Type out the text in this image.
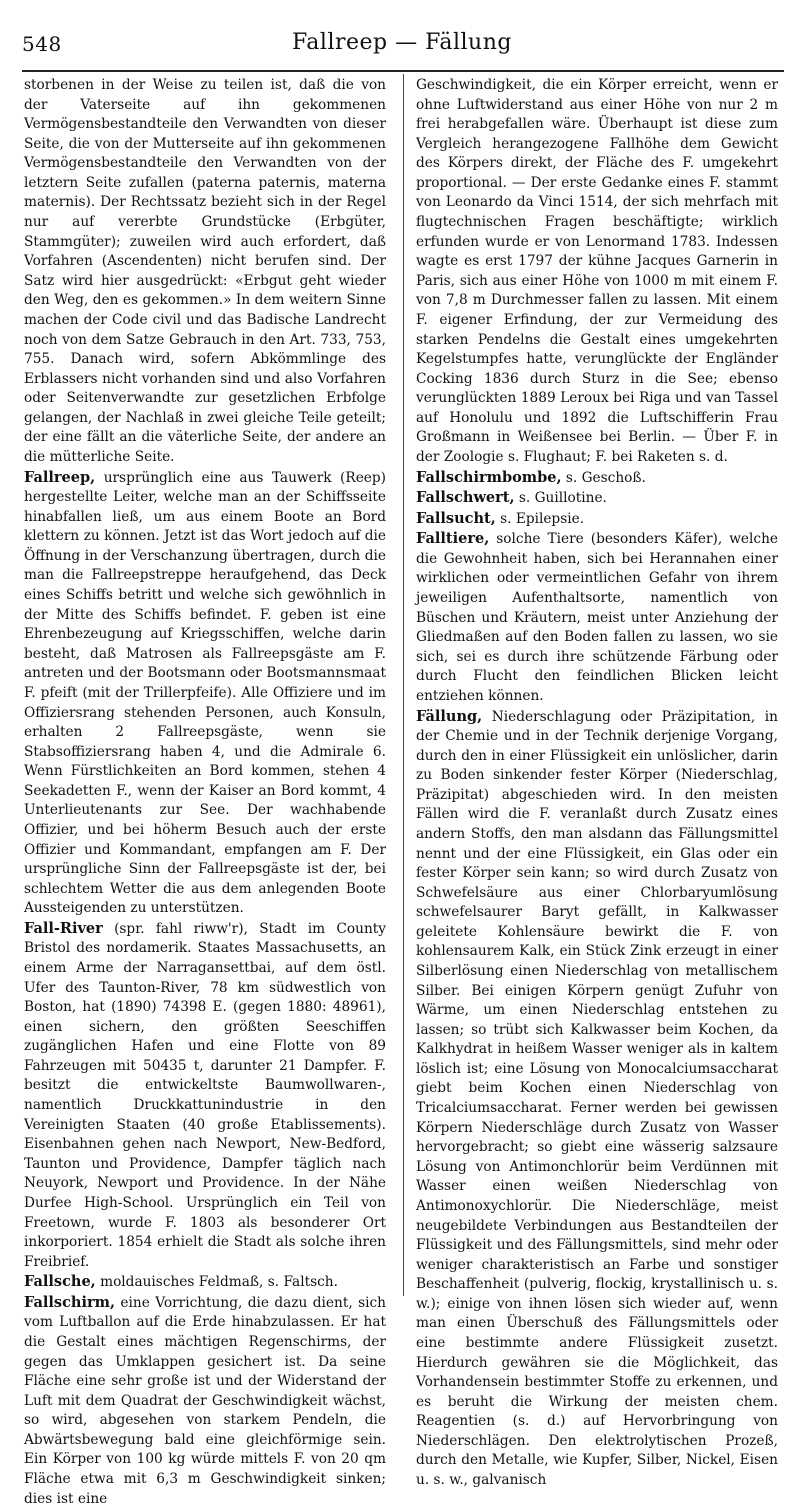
548	Fallreep — Fällung

storbenen in der Weise zu teilen ist, daß die von der Vaterseite auf ihn gekommenen Vermögensbestandteile den Verwandten von dieser Seite, die von der Mutterseite auf ihn gekommenen Vermögensbestandteile den Verwandten von der letztern Seite zufallen (paterna paternis, materna maternis). Der Rechtssatz bezieht sich in der Regel nur auf vererbte Grundstücke (Erbgüter, Stammgüter); zuweilen wird auch erfordert, daß Vorfahren (Ascendenten) nicht berufen sind. Der Satz wird hier ausgedrückt: «Erbgut geht wieder den Weg, den es gekommen.» In dem weitern Sinne machen der Code civil und das Badische Landrecht noch von dem Satze Gebrauch in den Art. 733, 753, 755. Danach wird, sofern Abkömmlinge des Erblassers nicht vorhanden sind und also Vorfahren oder Seitenverwandte zur gesetzlichen Erbfolge gelangen, der Nachlaß in zwei gleiche Teile geteilt; der eine fällt an die väterliche Seite, der andere an die mütterliche Seite.

Fallreep, ursprünglich eine aus Tauwerk (Reep) hergestellte Leiter, welche man an der Schiffsseite hinabfallen ließ, um aus einem Boote an Bord klettern zu können. Jetzt ist das Wort jedoch auf die Öffnung in der Verschanzung übertragen, durch die man die Fallreepstreppe heraufgehend, das Deck eines Schiffs betritt und welche sich gewöhnlich in der Mitte des Schiffs befindet. F. geben ist eine Ehrenbezeugung auf Kriegsschiffen, welche darin besteht, daß Matrosen als Fallreepsgäste am F. antreten und der Bootsmann oder Bootsmannsmaat F. pfeift (mit der Trillerpfeife). Alle Offiziere und im Offiziersrang stehenden Personen, auch Konsuln, erhalten 2 Fallreepsgäste, wenn sie Stabsoffiziersrang haben 4, und die Admirale 6. Wenn Fürstlichkeiten an Bord kommen, stehen 4 Seekadetten F., wenn der Kaiser an Bord kommt, 4 Unterlieutenants zur See. Der wachhabende Offizier, und bei höherm Besuch auch der erste Offizier und Kommandant, empfangen am F. Der ursprüngliche Sinn der Fallreepsgäste ist der, bei schlechtem Wetter die aus dem anlegenden Boote Aussteigenden zu unterstützen.

Fall-River (spr. fahl riww'r), Stadt im County Bristol des nordamerik. Staates Massachusetts, an einem Arme der Narragansettbai, auf dem östl. Ufer des Taunton-River, 78 km südwestlich von Boston, hat (1890) 74398 E. (gegen 1880: 48961), einen sichern, den größten Seeschiffen zugänglichen Hafen und eine Flotte von 89 Fahrzeugen mit 50435 t, darunter 21 Dampfer. F. besitzt die entwickeltste Baumwollwaren-, namentlich Druckkattunindustrie in den Vereinigten Staaten (40 große Etablissements). Eisenbahnen gehen nach Newport, New-Bedford, Taunton und Providence, Dampfer täglich nach Neuyork, Newport und Providence. In der Nähe Durfee High-School. Ursprünglich ein Teil von Freetown, wurde F. 1803 als besonderer Ort inkorporiert. 1854 erhielt die Stadt als solche ihren Freibrief.

Fallsche, moldauisches Feldmaß, s. Faltsch.

Fallschirm, eine Vorrichtung, die dazu dient, sich vom Luftballon auf die Erde hinabzulassen. Er hat die Gestalt eines mächtigen Regenschirms, der gegen das Umklappen gesichert ist. Da seine Fläche eine sehr große ist und der Widerstand der Luft mit dem Quadrat der Geschwindigkeit wächst, so wird, abgesehen von starkem Pendeln, die Abwärtsbewegung bald eine gleichförmige sein. Ein Körper von 100 kg würde mittels F. von 20 qm Fläche etwa mit 6,3 m Geschwindigkeit sinken; dies ist eine

Geschwindigkeit, die ein Körper erreicht, wenn er ohne Luftwiderstand aus einer Höhe von nur 2 m frei herabgefallen wäre. Überhaupt ist diese zum Vergleich herangezogene Fallhöhe dem Gewicht des Körpers direkt, der Fläche des F. umgekehrt proportional. — Der erste Gedanke eines F. stammt von Leonardo da Vinci 1514, der sich mehrfach mit flugtechnischen Fragen beschäftigte; wirklich erfunden wurde er von Lenormand 1783. Indessen wagte es erst 1797 der kühne Jacques Garnerin in Paris, sich aus einer Höhe von 1000 m mit einem F. von 7,8 m Durchmesser fallen zu lassen. Mit einem F. eigener Erfindung, der zur Vermeidung des starken Pendelns die Gestalt eines umgekehrten Kegelstumpfes hatte, verunglückte der Engländer Cocking 1836 durch Sturz in die See; ebenso verunglückten 1889 Leroux bei Riga und van Tassel auf Honolulu und 1892 die Luftschifferin Frau Großmann in Weißensee bei Berlin. — Über F. in der Zoologie s. Flughaut; F. bei Raketen s. d.

Fallschirmbombe, s. Geschoß.

Fallschwert, s. Guillotine.

Fallsucht, s. Epilepsie.

Falltiere, solche Tiere (besonders Käfer), welche die Gewohnheit haben, sich bei Herannahen einer wirklichen oder vermeintlichen Gefahr von ihrem jeweiligen Aufenthaltsorte, namentlich von Büschen und Kräutern, meist unter Anziehung der Gliedmaßen auf den Boden fallen zu lassen, wo sie sich, sei es durch ihre schützende Färbung oder durch Flucht den feindlichen Blicken leicht entziehen können.

Fällung, Niederschlagung oder Präzipitation, in der Chemie und in der Technik derjenige Vorgang, durch den in einer Flüssigkeit ein unlöslicher, darin zu Boden sinkender fester Körper (Niederschlag, Präzipitat) abgeschieden wird. In den meisten Fällen wird die F. veranlaßt durch Zusatz eines andern Stoffs, den man alsdann das Fällungsmittel nennt und der eine Flüssigkeit, ein Glas oder ein fester Körper sein kann; so wird durch Zusatz von Schwefelsäure aus einer Chlorbaryumlösung schwefelsaurer Baryt gefällt, in Kalkwasser geleitete Kohlensäure bewirkt die F. von kohlensaurem Kalk, ein Stück Zink erzeugt in einer Silberlösung einen Niederschlag von metallischem Silber. Bei einigen Körpern genügt Zufuhr von Wärme, um einen Niederschlag entstehen zu lassen; so trübt sich Kalkwasser beim Kochen, da Kalkhydrat in heißem Wasser weniger als in kaltem löslich ist; eine Lösung von Monocalciumsaccharat giebt beim Kochen einen Niederschlag von Tricalciumsaccharat. Ferner werden bei gewissen Körpern Niederschläge durch Zusatz von Wasser hervorgebracht; so giebt eine wässerig salzsaure Lösung von Antimonchlorür beim Verdünnen mit Wasser einen weißen Niederschlag von Antimonoxychlorür. Die Niederschläge, meist neugebildete Verbindungen aus Bestandteilen der Flüssigkeit und des Fällungsmittels, sind mehr oder weniger charakteristisch an Farbe und sonstiger Beschaffenheit (pulverig, flockig, krystallinisch u. s. w.); einige von ihnen lösen sich wieder auf, wenn man einen Überschuß des Fällungsmittels oder eine bestimmte andere Flüssigkeit zusetzt. Hierdurch gewähren sie die Möglichkeit, das Vorhandensein bestimmter Stoffe zu erkennen, und es beruht die Wirkung der meisten chem. Reagentien (s. d.) auf Hervorbringung von Niederschlägen. Den elektrolytischen Prozeß, durch den Metalle, wie Kupfer, Silber, Nickel, Eisen u. s. w., galvanisch
